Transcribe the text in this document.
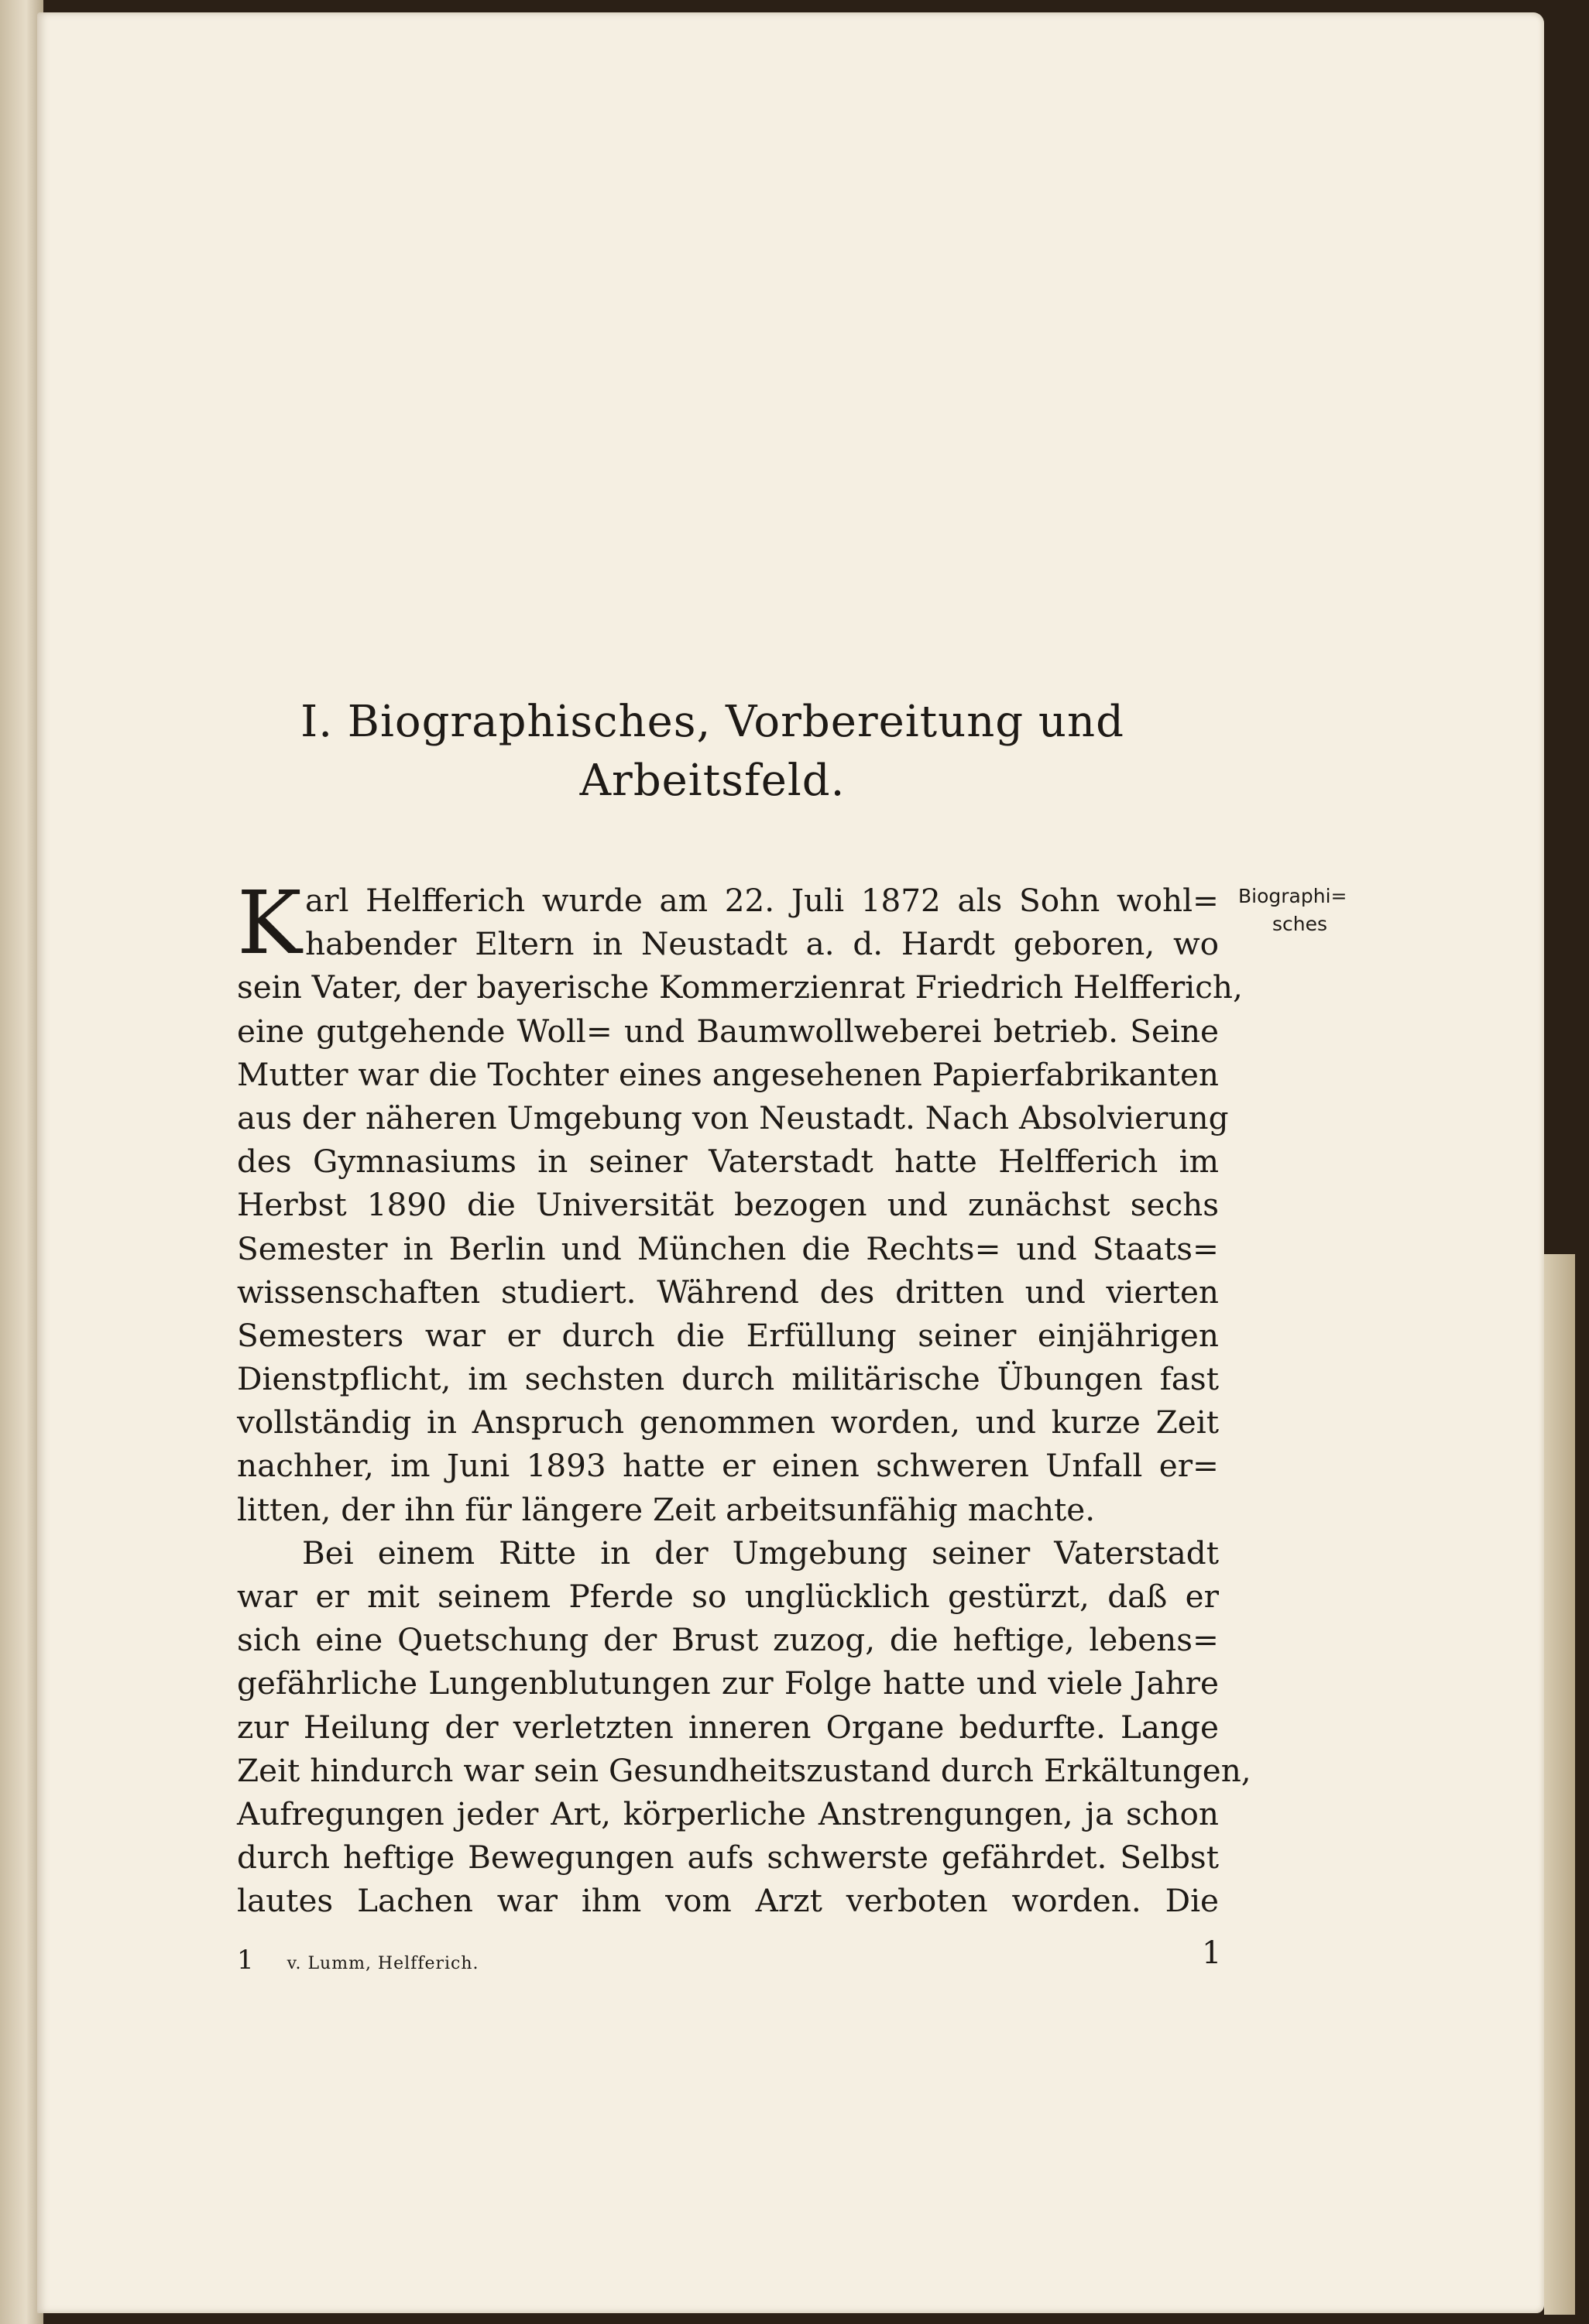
I. Biographisches, Vorbereitung und
Arbeitsfeld.
Biographi=
sches
K arl Helfferich wurde am 22. Juli 1872 als Sohn wohl=
habender Eltern in Neustadt a. d. Hardt geboren, wo
sein Vater, der bayerische Kommerzienrat Friedrich Helfferich,
eine gutgehende Woll= und Baumwollweberei betrieb. Seine
Mutter war die Tochter eines angesehenen Papierfabrikanten
aus der näheren Umgebung von Neustadt. Nach Absolvierung
des Gymnasiums in seiner Vaterstadt hatte Helfferich im
Herbst 1890 die Universität bezogen und zunächst sechs
Semester in Berlin und München die Rechts= und Staats=
wissenschaften studiert. Während des dritten und vierten
Semesters war er durch die Erfüllung seiner einjährigen
Dienstpflicht, im sechsten durch militärische Übungen fast
vollständig in Anspruch genommen worden, und kurze Zeit
nachher, im Juni 1893 hatte er einen schweren Unfall er=
litten, der ihn für längere Zeit arbeitsunfähig machte.
Bei einem Ritte in der Umgebung seiner Vaterstadt
war er mit seinem Pferde so unglücklich gestürzt, daß er
sich eine Quetschung der Brust zuzog, die heftige, lebens=
gefährliche Lungenblutungen zur Folge hatte und viele Jahre
zur Heilung der verletzten inneren Organe bedurfte. Lange
Zeit hindurch war sein Gesundheitszustand durch Erkältungen,
Aufregungen jeder Art, körperliche Anstrengungen, ja schon
durch heftige Bewegungen aufs schwerste gefährdet. Selbst
lautes Lachen war ihm vom Arzt verboten worden. Die
1 v. Lumm, Helfferich.	1
